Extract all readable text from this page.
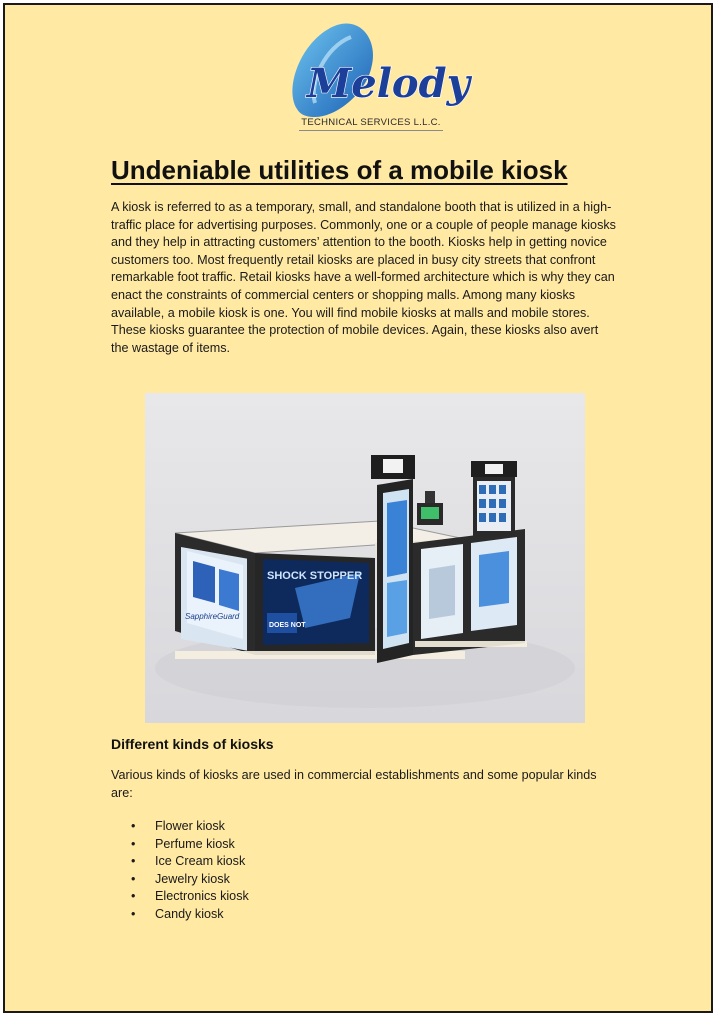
Melody
TECHNICAL SERVICES L.L.C.
Undeniable utilities of a mobile kiosk

A kiosk is referred to as a temporary, small, and standalone booth that is utilized in a high-traffic place for advertising purposes. Commonly, one or a couple of people manage kiosks and they help in attracting customers’ attention to the booth. Kiosks help in getting novice customers too. Most frequently retail kiosks are placed in busy city streets that confront remarkable foot traffic. Retail kiosks have a well-formed architecture which is why they can enact the constraints of commercial centers or shopping malls. Among many kiosks available, a mobile kiosk is one. You will find mobile kiosks at malls and mobile stores. These kiosks guarantee the protection of mobile devices. Again, these kiosks also avert the wastage of items.

SHOCK STOPPER
DOES NOT
SapphireGuard
Different kinds of kiosks

Various kinds of kiosks are used in commercial establishments and some popular kinds are:

• Flower kiosk
• Perfume kiosk
• Ice Cream kiosk
• Jewelry kiosk
• Electronics kiosk
• Candy kiosk
